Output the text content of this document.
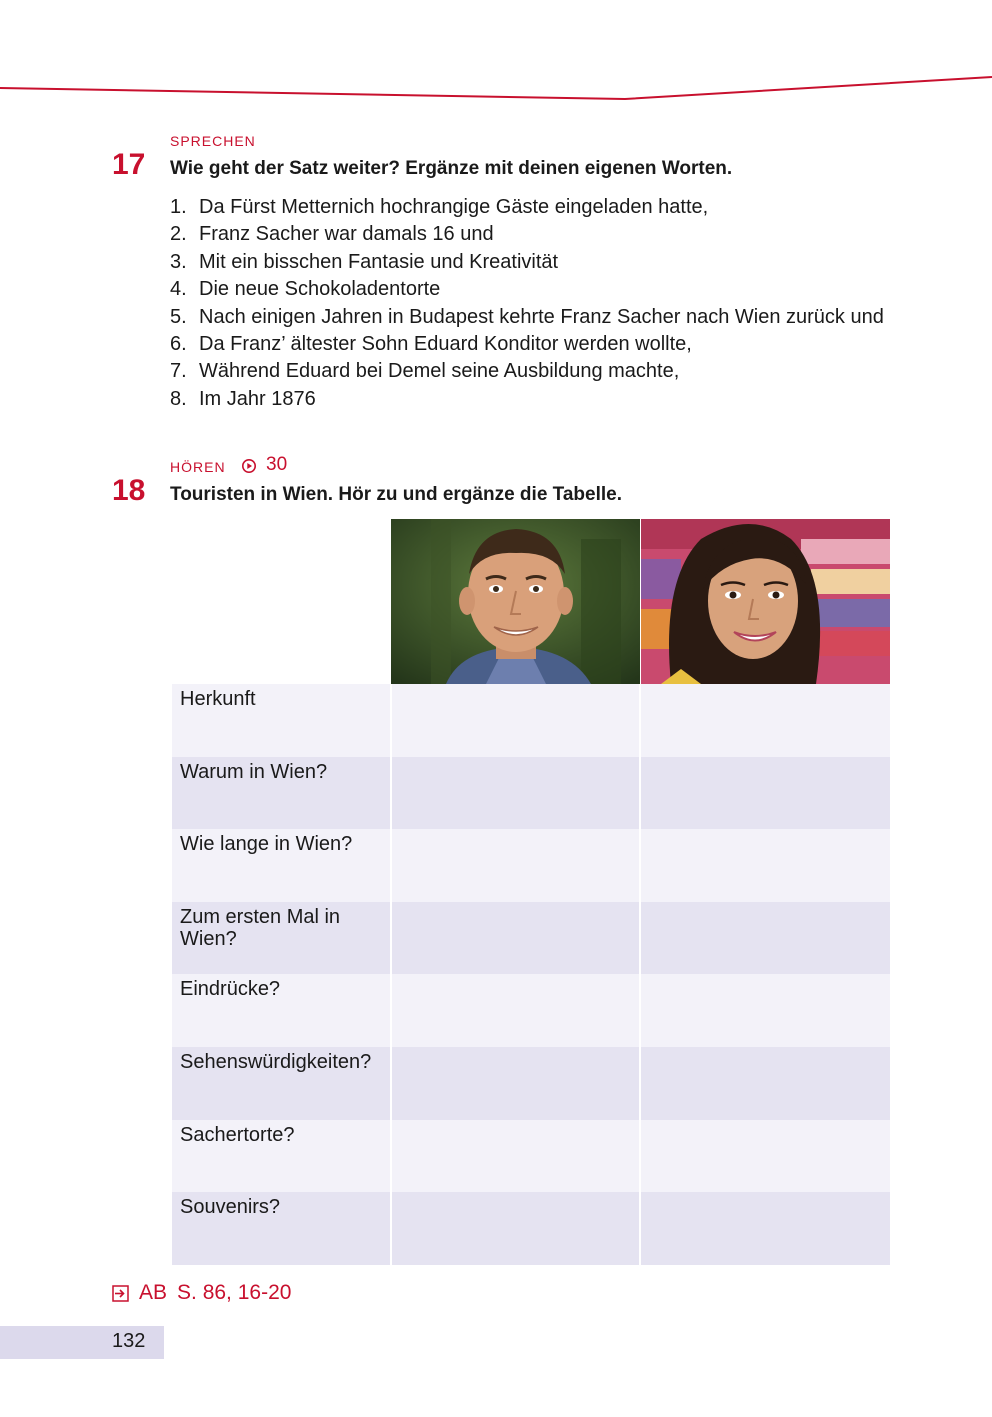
SPRECHEN
17 Wie geht der Satz weiter? Ergänze mit deinen eigenen Worten.
1. Da Fürst Metternich hochrangige Gäste eingeladen hatte,
2. Franz Sacher war damals 16 und
3. Mit ein bisschen Fantasie und Kreativität
4. Die neue Schokoladentorte
5. Nach einigen Jahren in Budapest kehrte Franz Sacher nach Wien zurück und
6. Da Franz’ ältester Sohn Eduard Konditor werden wollte,
7. Während Eduard bei Demel seine Ausbildung machte,
8. Im Jahr 1876
HÖREN 30
18 Touristen in Wien. Hör zu und ergänze die Tabelle.
Herkunft
Warum in Wien?
Wie lange in Wien?
Zum ersten Mal in Wien?
Eindrücke?
Sehenswürdigkeiten?
Sachertorte?
Souvenirs?
AB S. 86, 16-20
132
